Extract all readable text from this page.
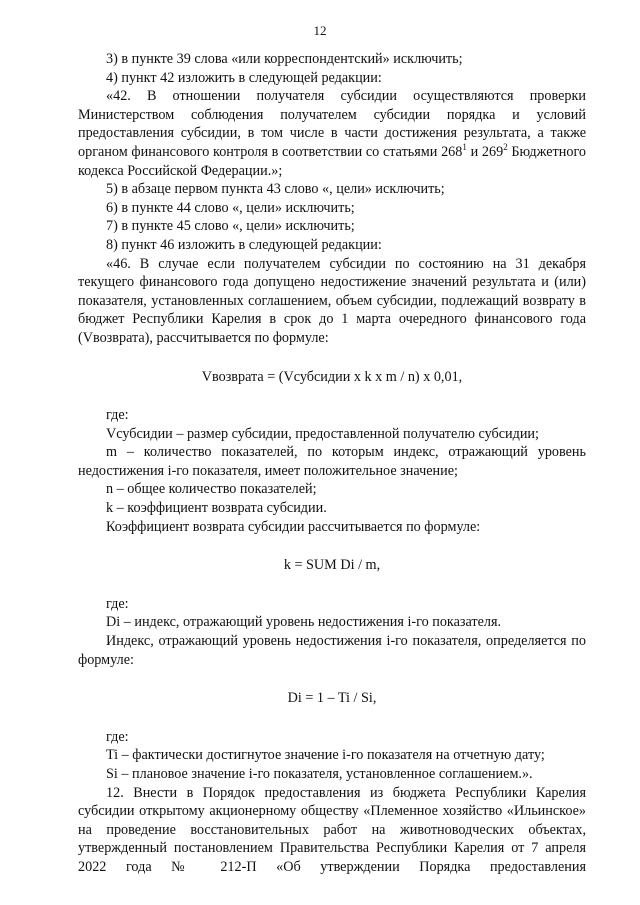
12

3) в пункте 39 слова «или корреспондентский» исключить;

4) пункт 42 изложить в следующей редакции:

«42. В отношении получателя субсидии осуществляются проверки Министерством соблюдения получателем субсидии порядка и условий предоставления субсидии, в том числе в части достижения результата, а также органом финансового контроля в соответствии со статьями $268^1$ и $269^2$ Бюджетного кодекса Российской Федерации.»;

5) в абзаце первом пункта 43 слово «, цели» исключить;

6) в пункте 44 слово «, цели» исключить;

7) в пункте 45 слово «, цели» исключить;

8) пункт 46 изложить в следующей редакции:

«46. В случае если получателем субсидии по состоянию на 31 декабря текущего финансового года допущено недостижение значений результата и (или) показателя, установленных соглашением, объем субсидии, подлежащий возврату в бюджет Республики Карелия в срок до 1 марта очередного финансового года (Vвозврата), рассчитывается по формуле:

Vвозврата = (Vсубсидии x k x m / n) x 0,01,

где:

Vсубсидии – размер субсидии, предоставленной получателю субсидии;

m – количество показателей, по которым индекс, отражающий уровень недостижения i-го показателя, имеет положительное значение;

n – общее количество показателей;

k – коэффициент возврата субсидии.

Коэффициент возврата субсидии рассчитывается по формуле:

k = SUM Di / m,

где:

Di – индекс, отражающий уровень недостижения i-го показателя.

Индекс, отражающий уровень недостижения i-го показателя, определяется по формуле:

Di = 1 – Ti / Si,

где:

Ti – фактически достигнутое значение i-го показателя на отчетную дату;

Si – плановое значение i-го показателя, установленное соглашением.».

12. Внести в Порядок предоставления из бюджета Республики Карелия субсидии открытому акционерному обществу «Племенное хозяйство «Ильинское» на проведение восстановительных работ на животноводческих объектах, утвержденный постановлением Правительства Республики Карелия от 7 апреля 2022 года № 212-П «Об утверждении Порядка предоставления
